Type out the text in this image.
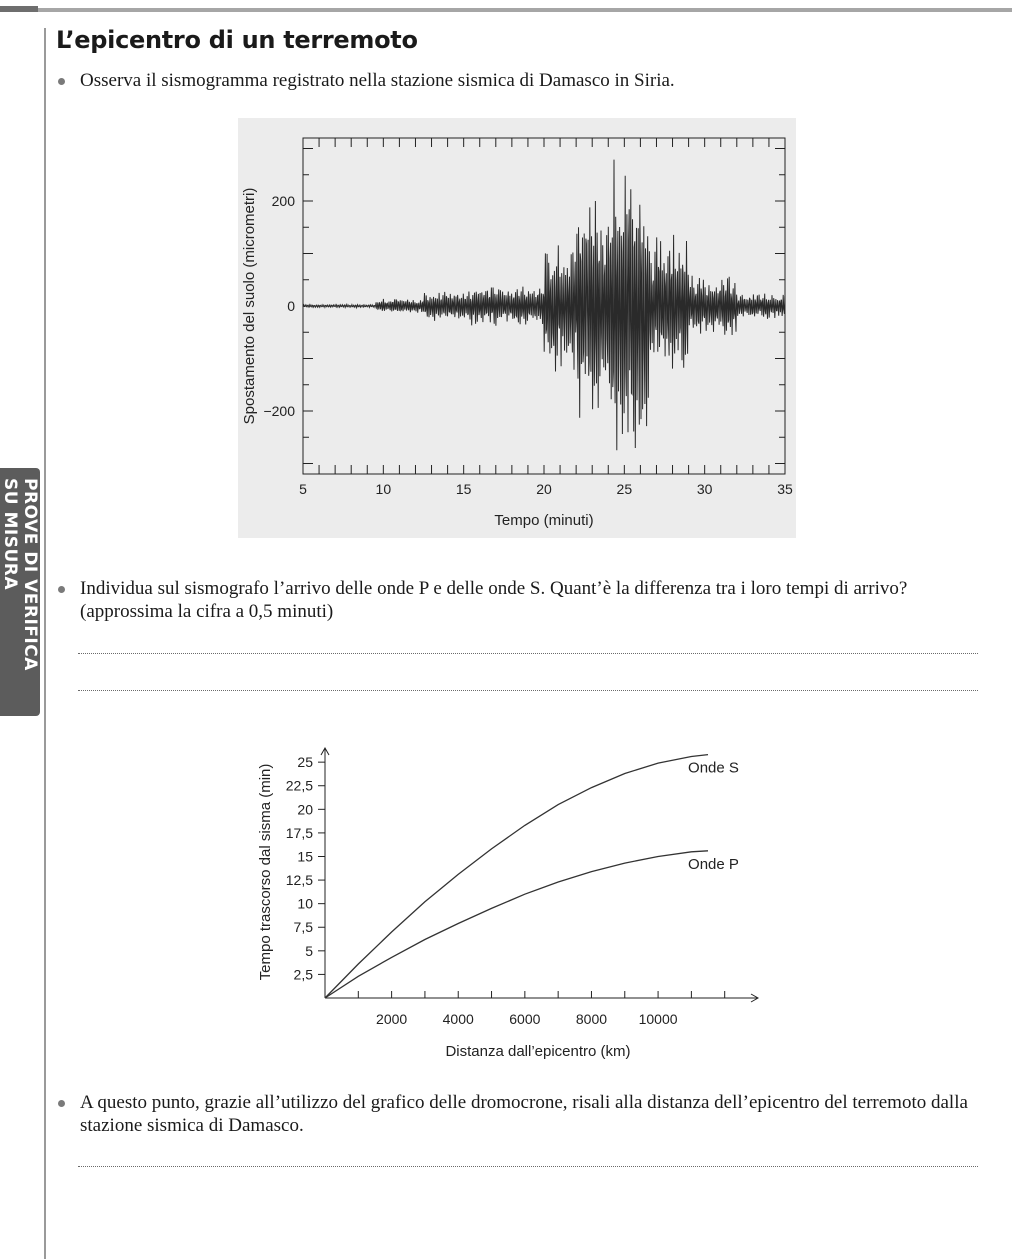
PROVE DI VERIFICA
SU MISURA
L’epicentro di un terremoto
Osserva il sismogramma registrato nella stazione sismica di Damasco in Siria.
5	10	15	20	25	30	35
200
0
−200
Tempo (minuti)
Spostamento del suolo (micrometri)
Individua sul sismografo l’arrivo delle onde P e delle onde S. Quant’è la differenza tra i loro tempi di arrivo? (approssima la cifra a 0,5 minuti)
2000	4000	6000	8000 10000
2,5
5
7,5
10
12,5
15
17,5
20
22,5
25	Onde S
Onde P
Distanza dall’epicentro (km)
Tempo trascorso dal sisma (min)
A questo punto, grazie all’utilizzo del grafico delle dromocrone, risali alla distanza dell’epicentro del terremoto dalla stazione sismica di Damasco.
